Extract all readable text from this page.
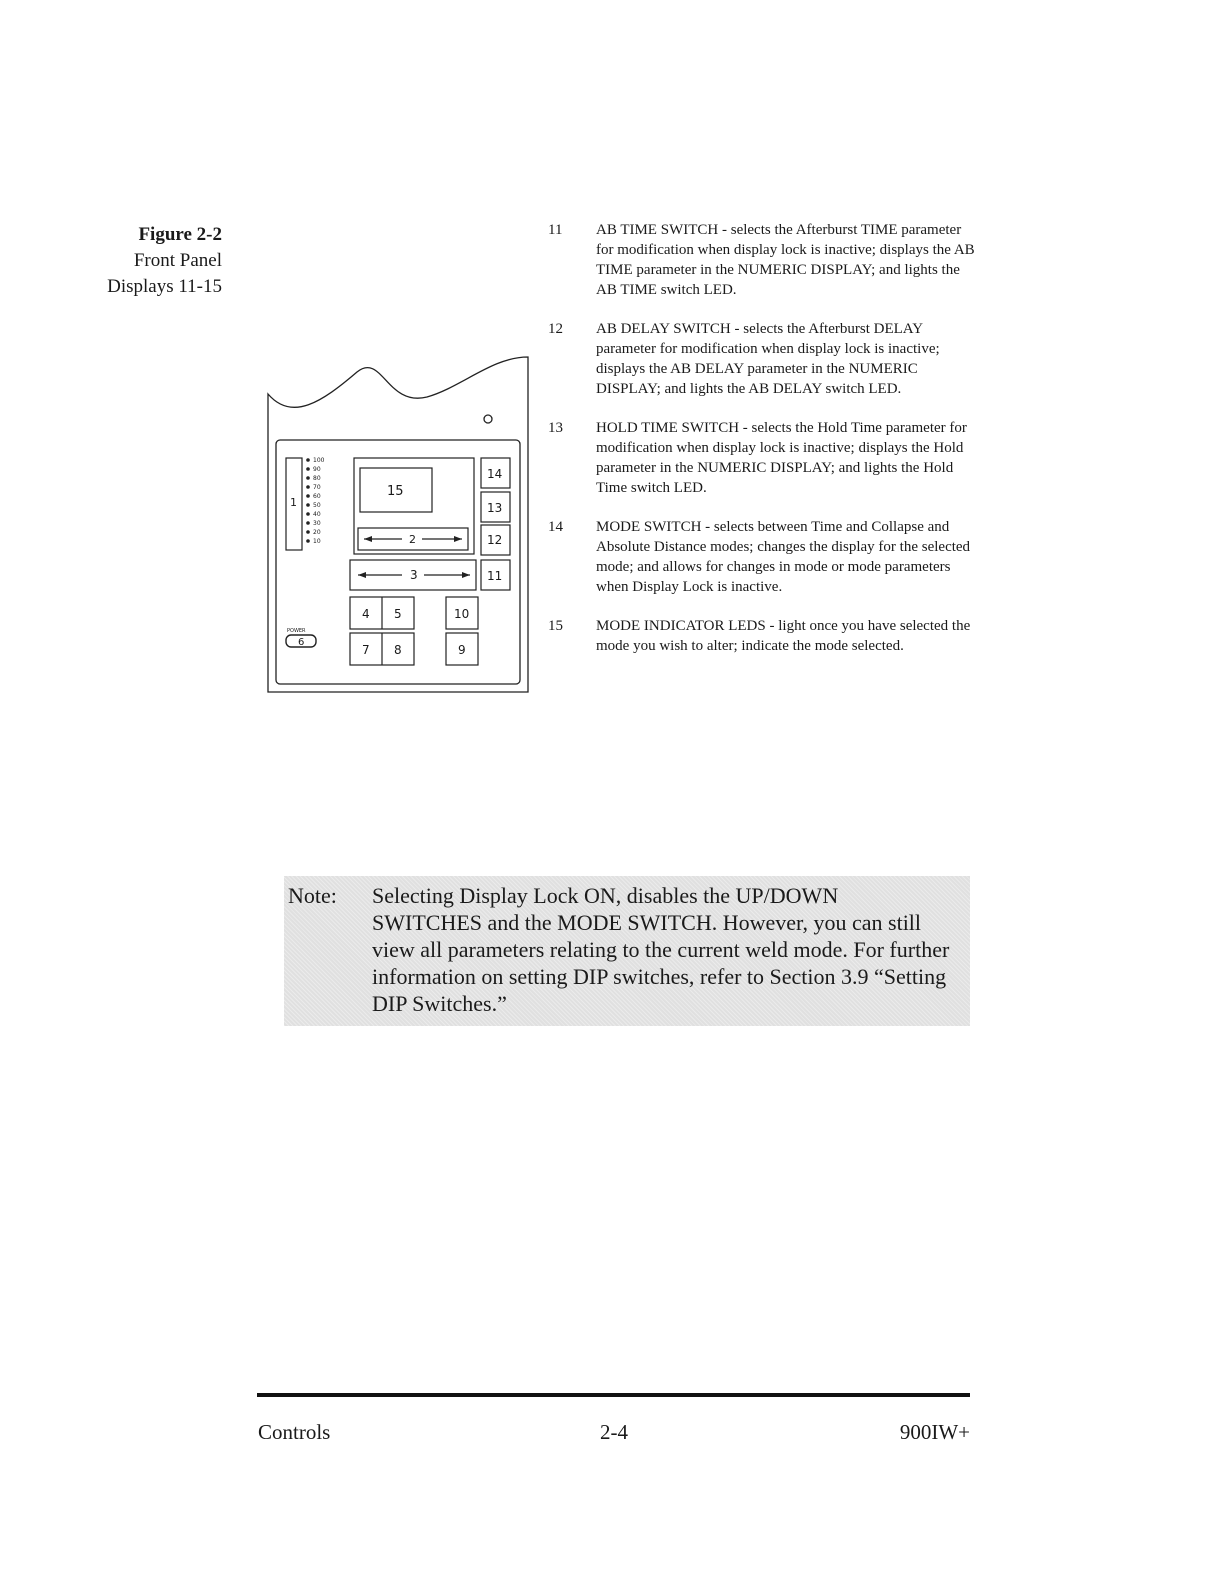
Figure 2-2
Front Panel
Displays 11-15
1
100
90
80
70
60
50
40
30
20
10
15
2
14
13
12
11
3
4 5
7 8
10
9
POWER
6
11	AB TIME SWITCH - selects the Afterburst TIME parameter for modification when display lock is inactive; displays the AB TIME parameter in the NUMERIC DISPLAY; and lights the AB TIME switch LED.
12	AB DELAY SWITCH - selects the Afterburst DELAY parameter for modification when display lock is inactive; displays the AB DELAY parameter in the NUMERIC DISPLAY; and lights the AB DELAY switch LED.
13	HOLD TIME SWITCH - selects the Hold Time parameter for modification when display lock is inactive; displays the Hold parameter in the NUMERIC DISPLAY; and lights the Hold Time switch LED.
14	MODE SWITCH - selects between Time and Collapse and Absolute Distance modes; changes the display for the selected mode; and allows for changes in mode or mode parameters when Display Lock is inactive.
15	MODE INDICATOR LEDS - light once you have selected the mode you wish to alter; indicate the mode selected.
Note:	Selecting Display Lock ON, disables the UP/DOWN SWITCHES and the MODE SWITCH. However, you can still view all parameters relating to the current weld mode. For further information on setting DIP switches, refer to Section 3.9 “Setting DIP Switches.”
Controls	2-4	900IW+
